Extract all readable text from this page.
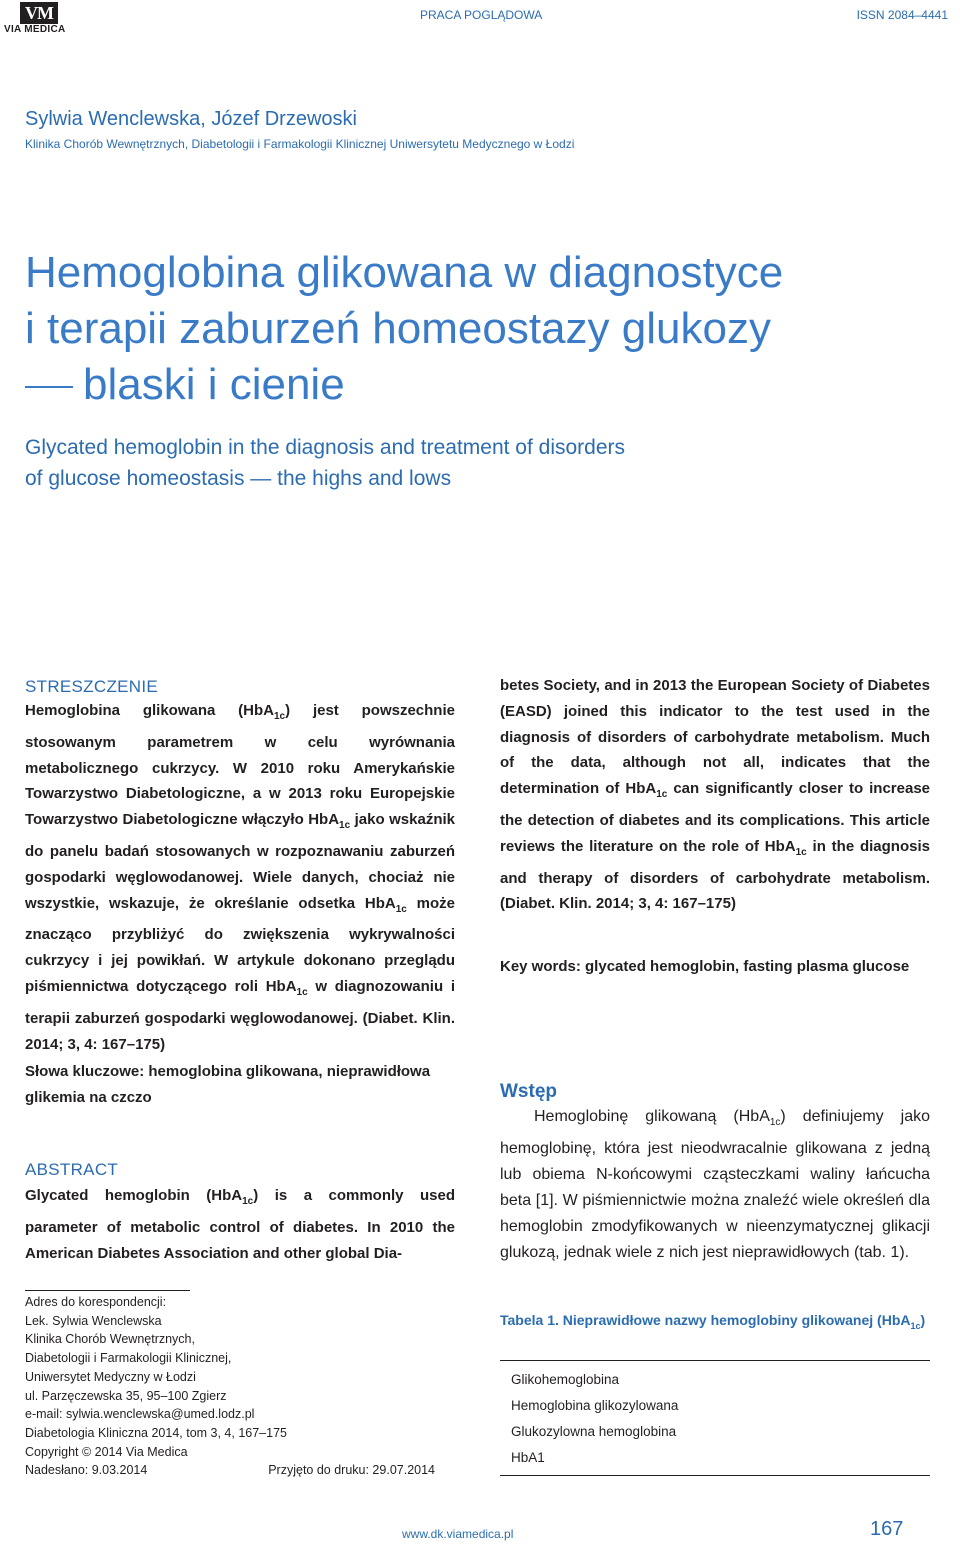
VM
VIA MEDICA
PRACA POGLĄDOWA	ISSN 2084–4441
Sylwia Wenclewska, Józef Drzewoski
Klinika Chorób Wewnętrznych, Diabetologii i Farmakologii Klinicznej Uniwersytetu Medycznego w Łodzi
Hemoglobina glikowana w diagnostyce
i terapii zaburzeń homeostazy glukozy
blaski i cienie
Glycated hemoglobin in the diagnosis and treatment of disorders
of glucose homeostasis — the highs and lows
STRESZCZENIE
Hemoglobina glikowana (HbA$_{1c}$) jest powszechnie stosowanym parametrem w celu wyrównania metabolicznego cukrzycy. W 2010 roku Amerykańskie Towarzystwo Diabetologiczne, a w 2013 roku Europejskie Towarzystwo Diabetologiczne włączyło HbA$_{1c}$ jako wskaźnik do panelu badań stosowanych w rozpoznawaniu zaburzeń gospodarki węglowodanowej. Wiele danych, chociaż nie wszystkie, wskazuje, że określanie odsetka HbA$_{1c}$ może znacząco przybliżyć do zwiększenia wykrywalności cukrzycy i jej powikłań. W artykule dokonano przeglądu piśmiennictwa dotyczącego roli HbA$_{1c}$ w diagnozowaniu i terapii zaburzeń gospodarki węglowodanowej. (Diabet. Klin. 2014; 3, 4: 167–175)
Słowa kluczowe: hemoglobina glikowana, nieprawidłowa glikemia na czczo
ABSTRACT
Glycated hemoglobin (HbA$_{1c}$) is a commonly used parameter of metabolic control of diabetes. In 2010 the American Diabetes Association and other global Dia-
betes Society, and in 2013 the European Society of Diabetes (EASD) joined this indicator to the test used in the diagnosis of disorders of carbohydrate metabolism. Much of the data, although not all, indicates that the determination of HbA$_{1c}$ can significantly closer to increase the detection of diabetes and its complications. This article reviews the literature on the role of HbA$_{1c}$ in the diagnosis and therapy of disorders of carbohydrate metabolism. (Diabet. Klin. 2014; 3, 4: 167–175)
Key words: glycated hemoglobin, fasting plasma glucose
Adres do korespondencji:
Lek. Sylwia Wenclewska
Klinika Chorób Wewnętrznych,
Diabetologii i Farmakologii Klinicznej,
Uniwersytet Medyczny w Łodzi
ul. Parzęczewska 35, 95–100 Zgierz
e-mail: sylwia.wenclewska@umed.lodz.pl
Diabetologia Kliniczna 2014, tom 3, 4, 167–175
Copyright © 2014 Via Medica
Nadesłano: 9.03.2014	Przyjęto do druku: 29.07.2014
Wstęp
Hemoglobinę glikowaną (HbA$_{1c}$) definiujemy jako hemoglobinę, która jest nieodwracalnie glikowana z jedną lub obiema N-końcowymi cząsteczkami waliny łańcucha beta [1]. W piśmiennictwie można znaleźć wiele określeń dla hemoglobin zmodyfikowanych w nieenzymatycznej glikacji glukozą, jednak wiele z nich jest nieprawidłowych (tab. 1).
Tabela 1. Nieprawidłowe nazwy hemoglobiny glikowanej (HbA$_{1c}$)
Glikohemoglobina
Hemoglobina glikozylowana
Glukozylowna hemoglobina
HbA1
www.dk.viamedica.pl	167
